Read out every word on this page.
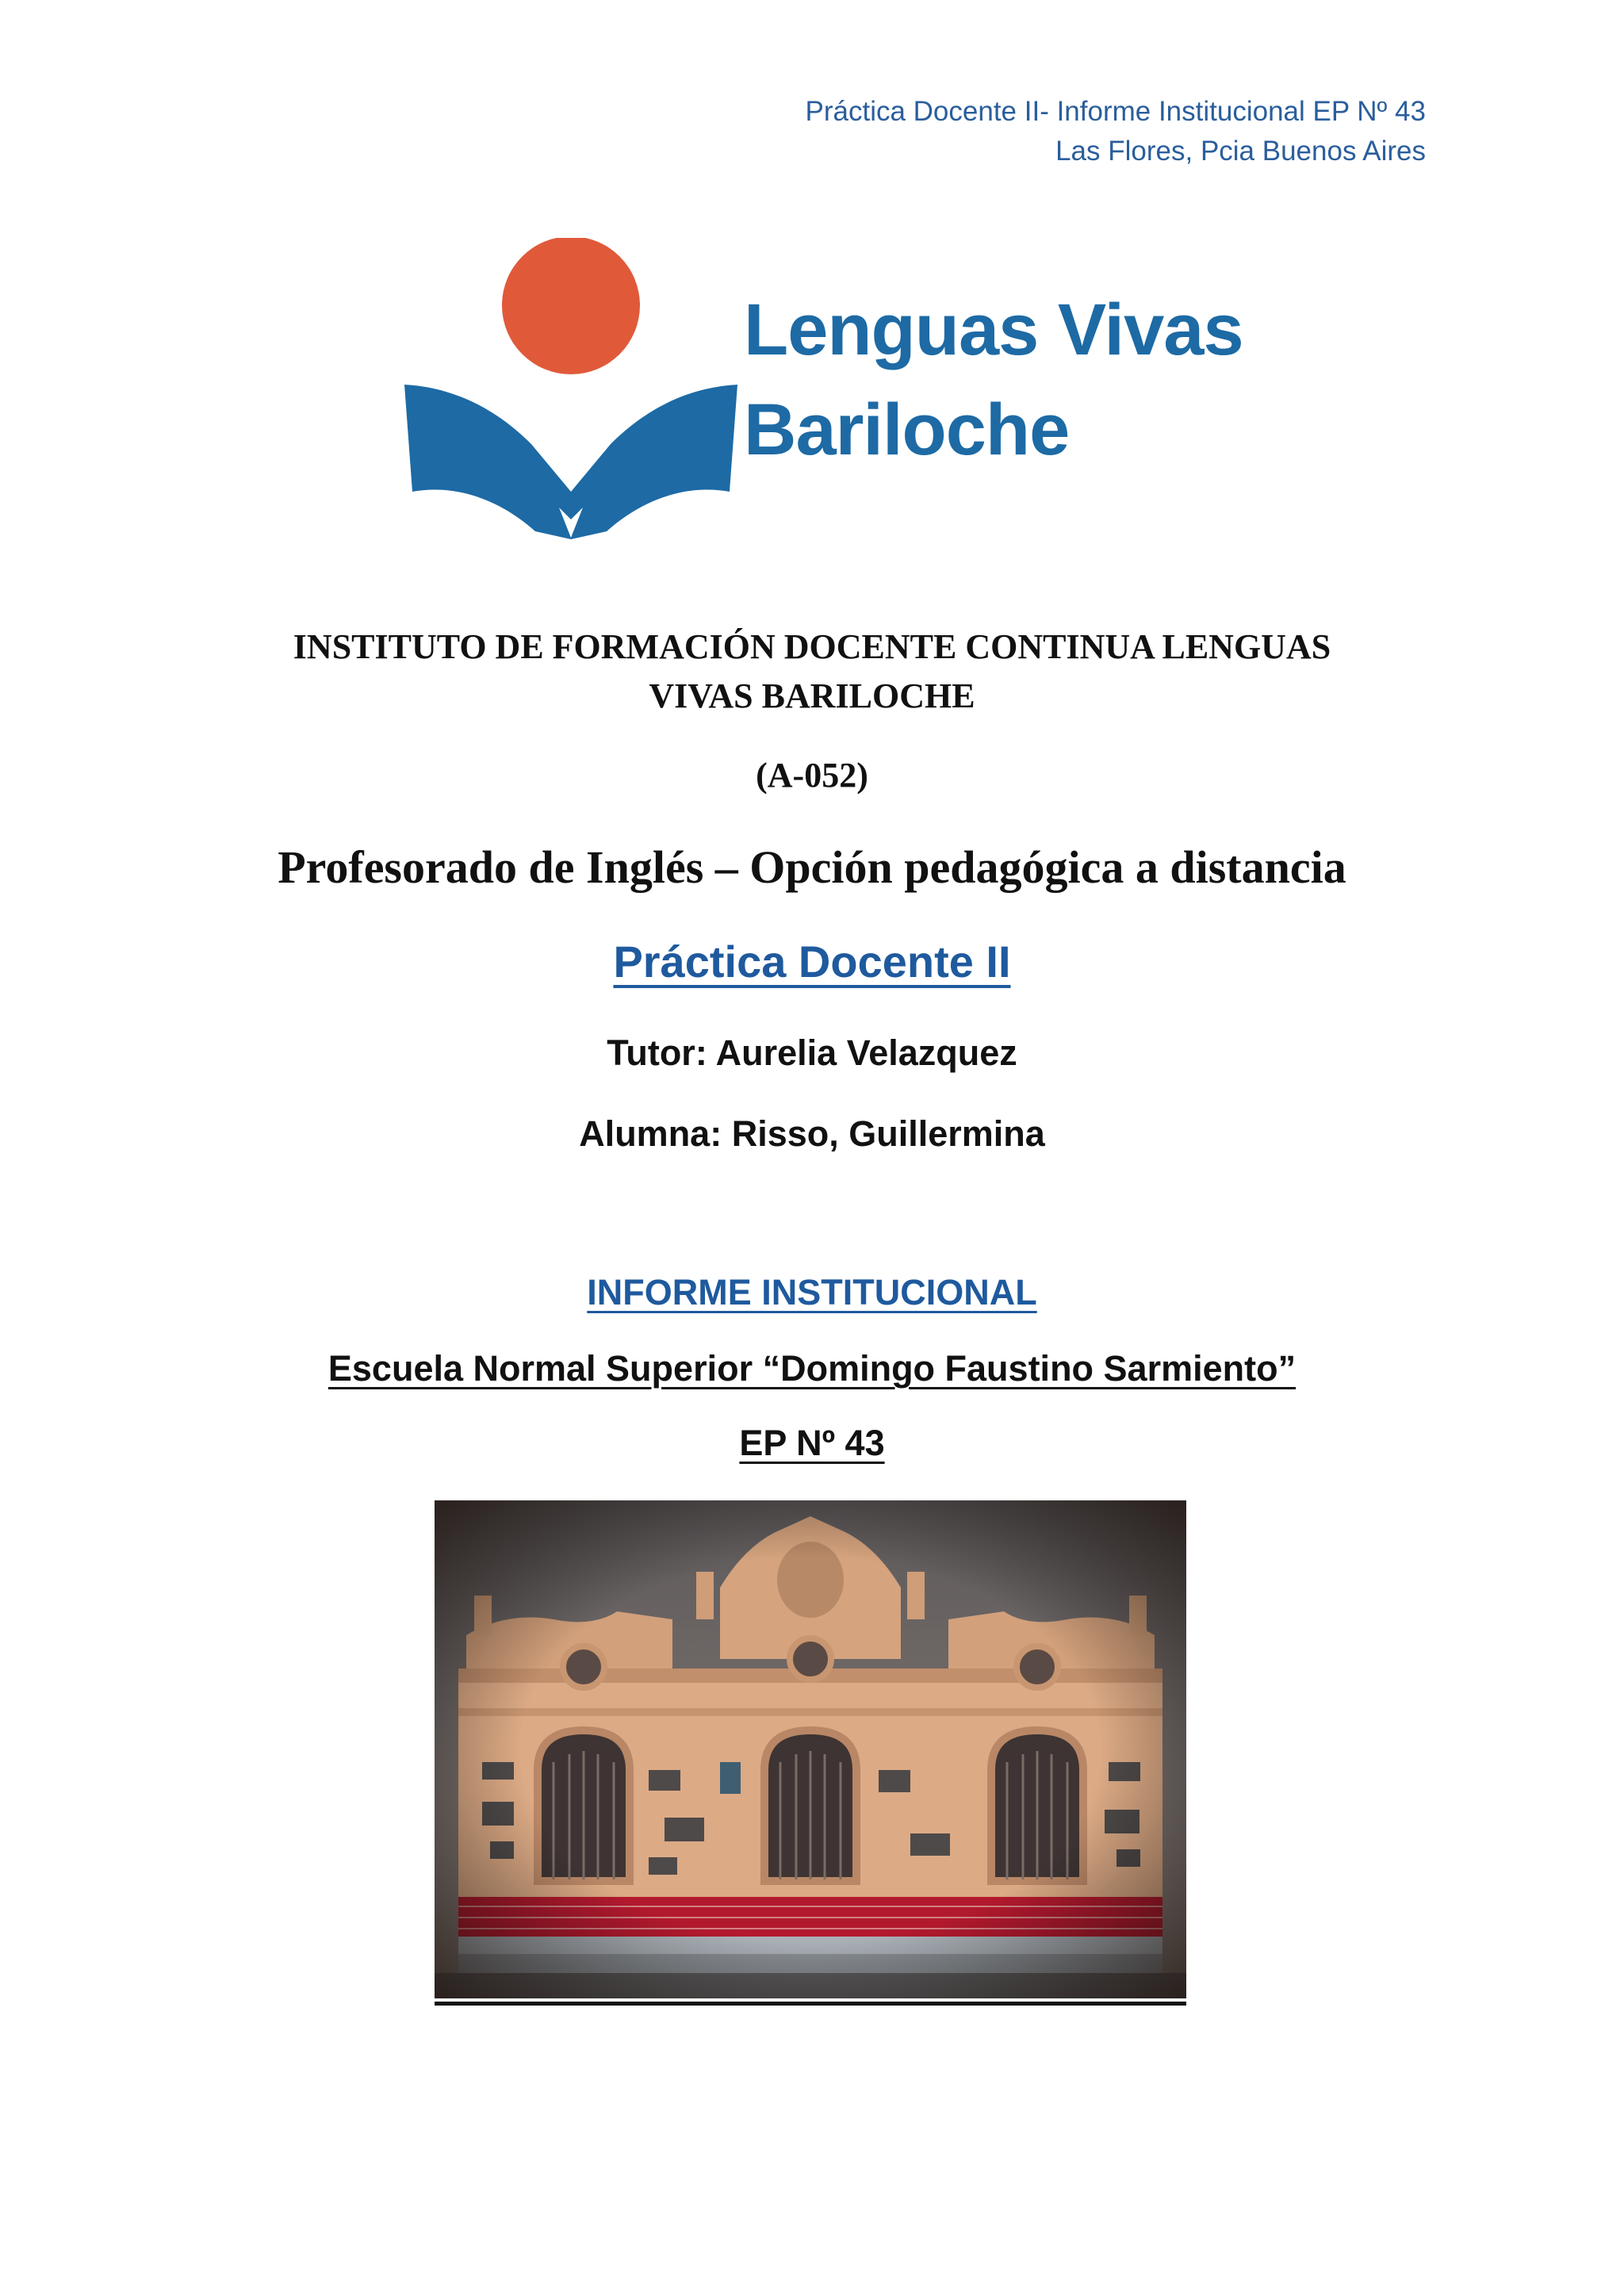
Práctica Docente II- Informe Institucional EP Nº 43
Las Flores, Pcia Buenos Aires
Lenguas Vivas
Bariloche
INSTITUTO DE FORMACIÓN DOCENTE CONTINUA LENGUAS
VIVAS BARILOCHE
(A-052)
Profesorado de Inglés – Opción pedagógica a distancia
Práctica Docente II
Tutor: Aurelia Velazquez
Alumna: Risso, Guillermina
INFORME INSTITUCIONAL
Escuela Normal Superior “Domingo Faustino Sarmiento”
EP Nº 43
